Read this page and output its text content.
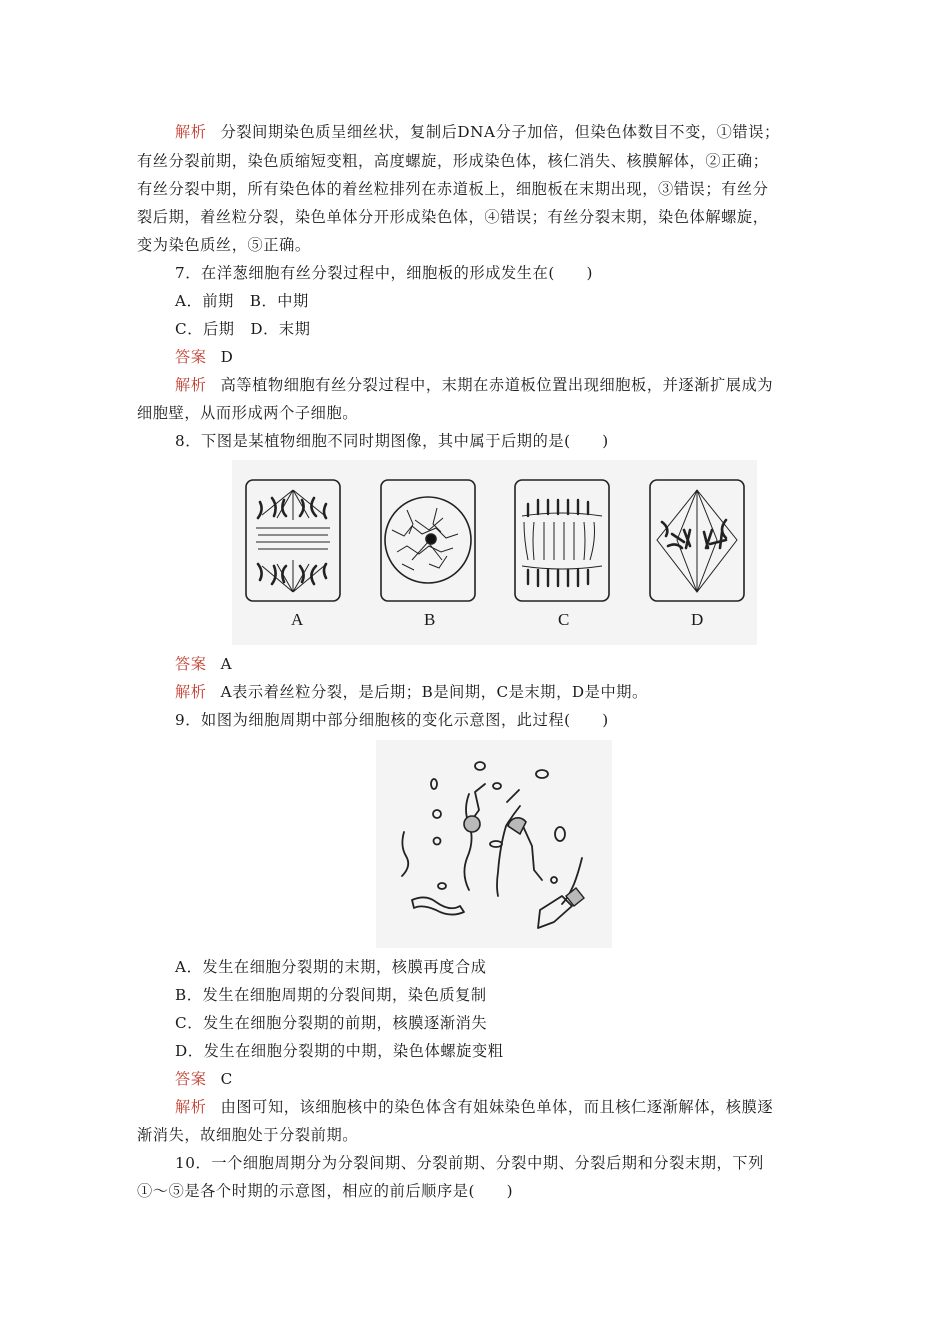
解析 分裂间期染色质呈细丝状，复制后DNA分子加倍，但染色体数目不变，①错误；
有丝分裂前期，染色质缩短变粗，高度螺旋，形成染色体，核仁消失、核膜解体，②正确；
有丝分裂中期，所有染色体的着丝粒排列在赤道板上，细胞板在末期出现，③错误；有丝分
裂后期，着丝粒分裂，染色单体分开形成染色体，④错误；有丝分裂末期，染色体解螺旋，
变为染色质丝，⑤正确。
7．在洋葱细胞有丝分裂过程中，细胞板的形成发生在(　　)
A．前期　B．中期
C．后期　D．末期
答案 D
解析 高等植物细胞有丝分裂过程中，末期在赤道板位置出现细胞板，并逐渐扩展成为
细胞壁，从而形成两个子细胞。
8．下图是某植物细胞不同时期图像，其中属于后期的是(　　)
A	B	C	D
答案 A
解析 A表示着丝粒分裂，是后期；B是间期，C是末期，D是中期。
9．如图为细胞周期中部分细胞核的变化示意图，此过程(　　)
A．发生在细胞分裂期的末期，核膜再度合成
B．发生在细胞周期的分裂间期，染色质复制
C．发生在细胞分裂期的前期，核膜逐渐消失
D．发生在细胞分裂期的中期，染色体螺旋变粗
答案 C
解析 由图可知，该细胞核中的染色体含有姐妹染色单体，而且核仁逐渐解体，核膜逐
渐消失，故细胞处于分裂前期。
10．一个细胞周期分为分裂间期、分裂前期、分裂中期、分裂后期和分裂末期，下列
①～⑤是各个时期的示意图，相应的前后顺序是(　　)
